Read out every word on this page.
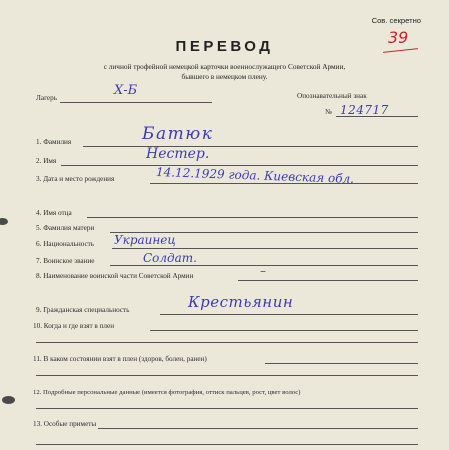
Сов. секретно
39
ПЕРЕВОД
с личной трофейной немецкой карточки военнослужащего Советской Армии,
бывшего в немецком плену.
Лагерь	Х-Б	Опознавательный знак
№ 124717
1. Фамилия	Батюк
2. Имя	Нестер.
3. Дата и место рождения	14.12.1929 года. Киевская обл.
4. Имя отца
5. Фамилия матери
6. Национальность Украинец
7. Воинское звание	Солдат.
8. Наименование воинской части Советской Армии	–
9. Гражданская специальность	Крестьянин
10. Когда и где взят в плен
11. В каком состоянии взят в плен (здоров, болен, ранен)
12. Подробные персональные данные (имеется фотография, оттиск пальцев, рост, цвет волос)
13. Особые приметы
